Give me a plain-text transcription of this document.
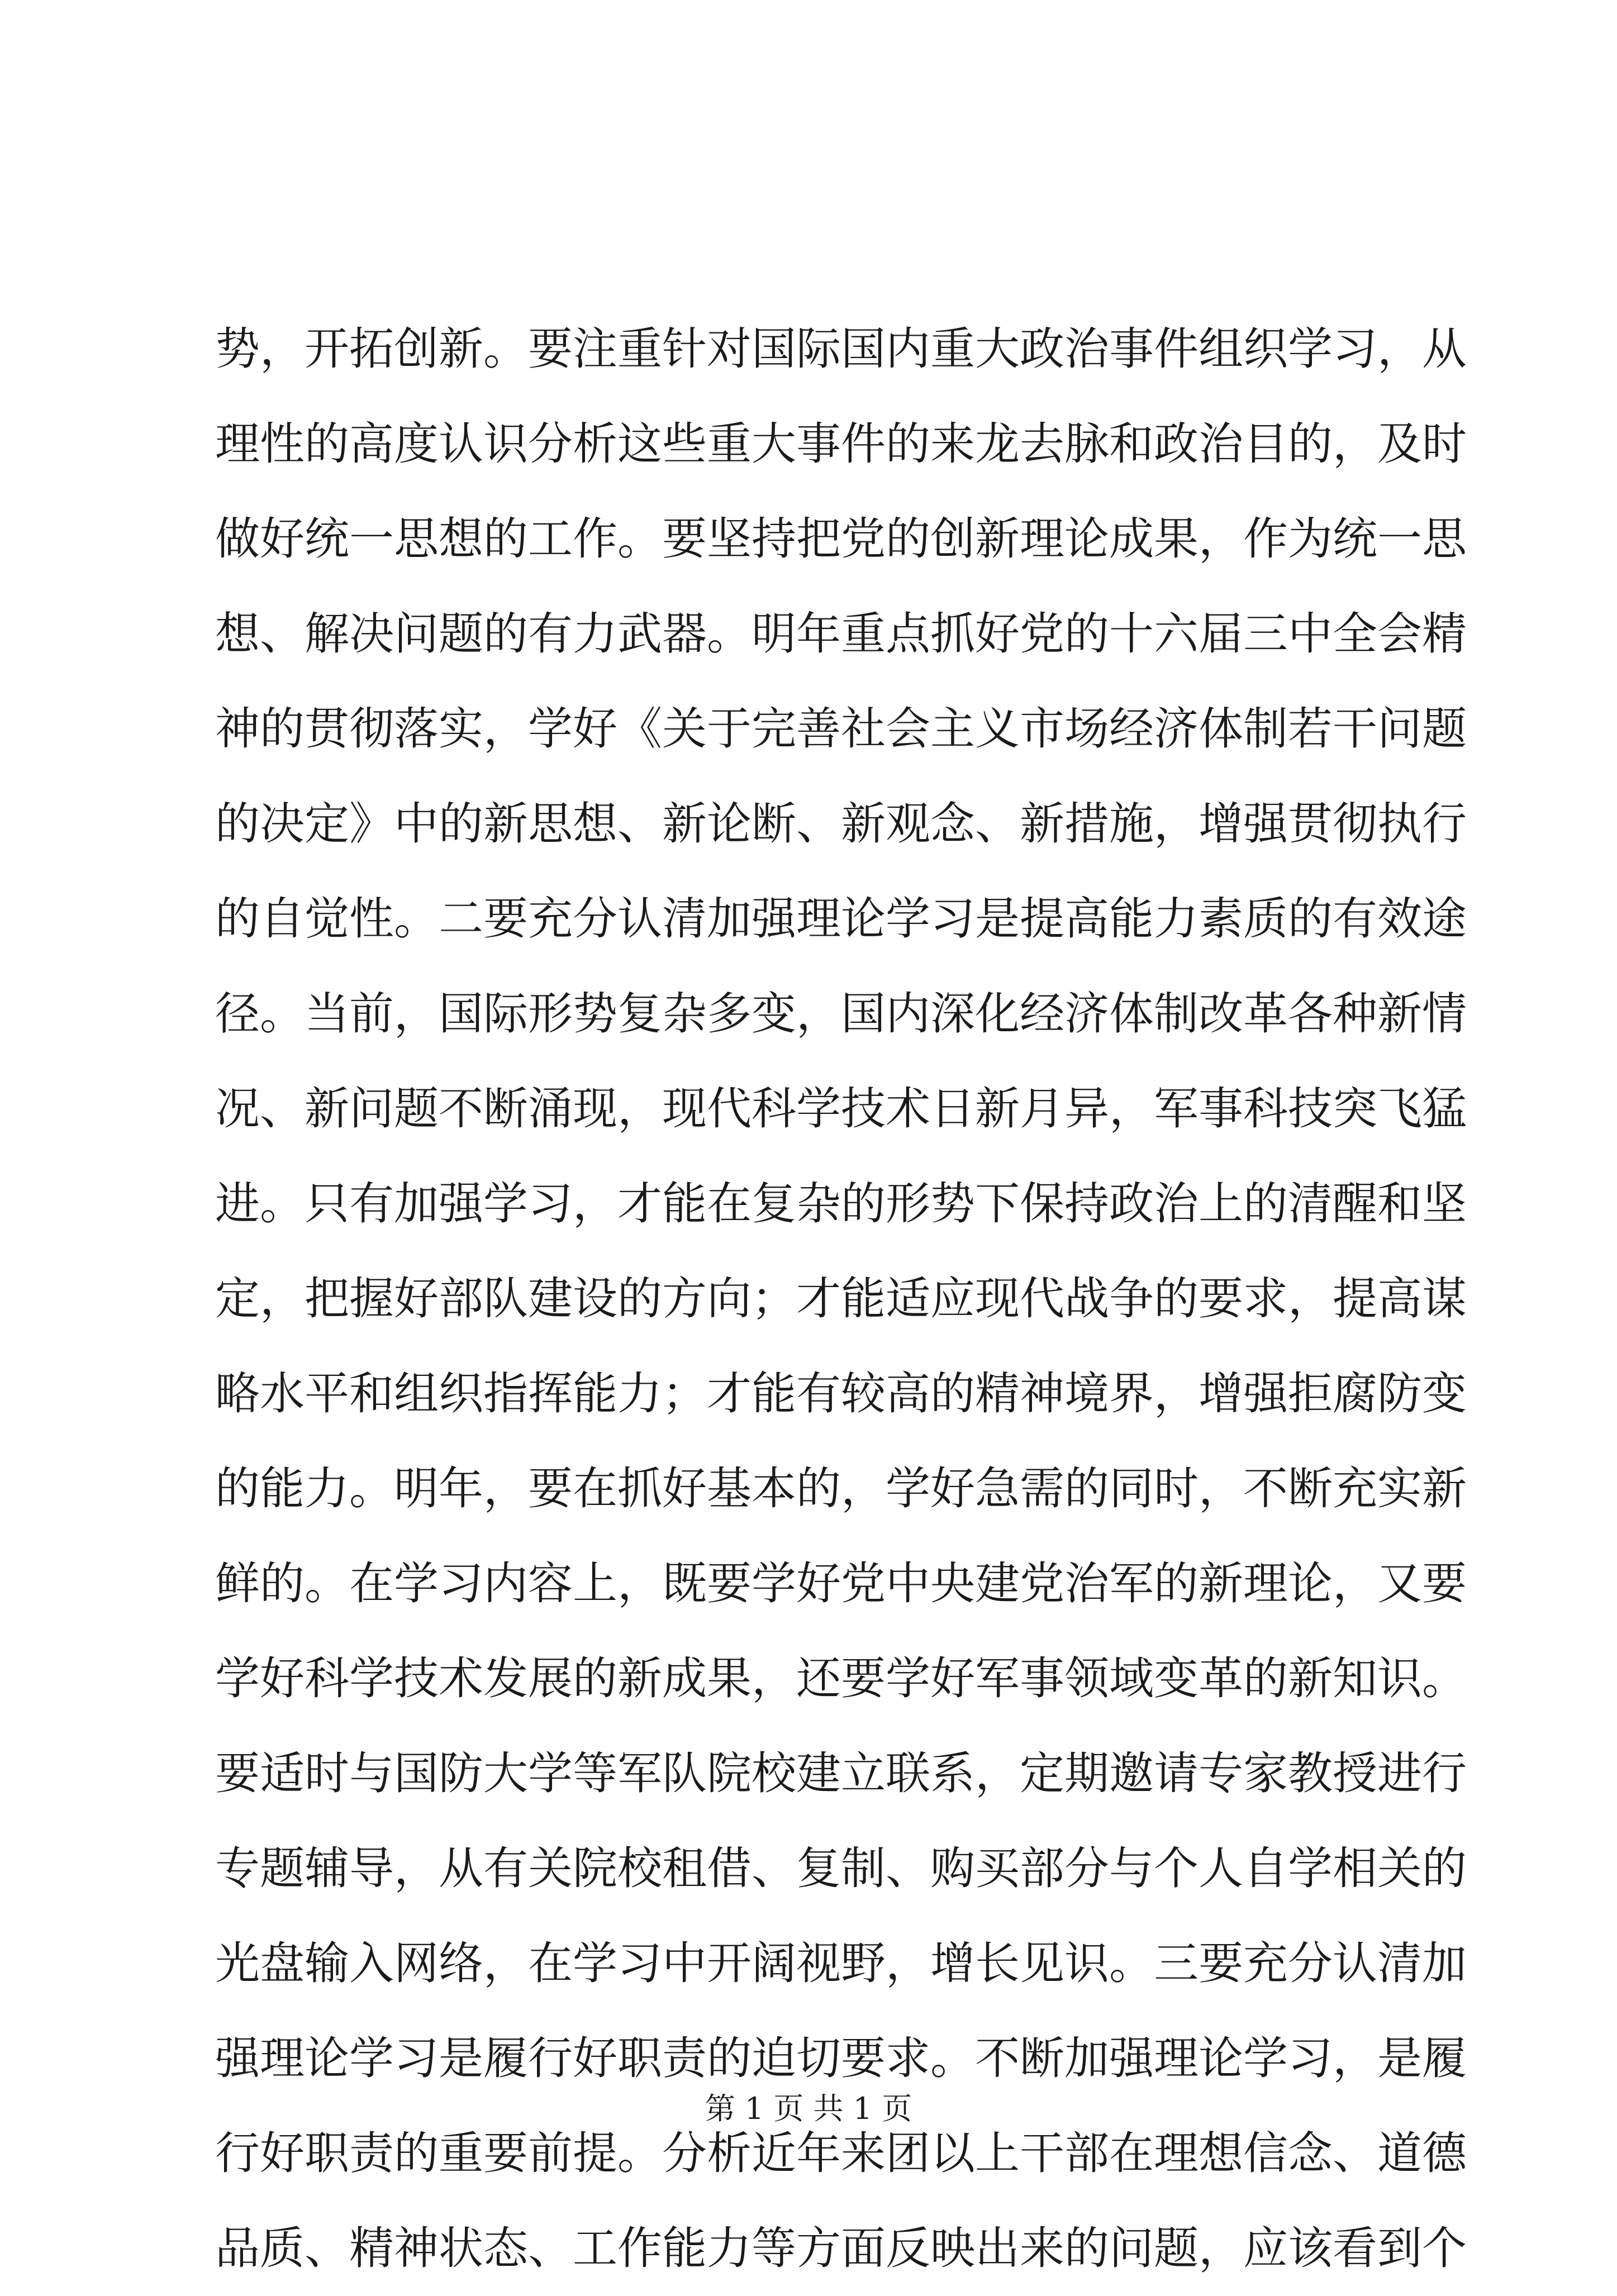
势，开拓创新。要注重针对国际国内重大政治事件组织学习，从
理性的高度认识分析这些重大事件的来龙去脉和政治目的，及时
做好统一思想的工作。要坚持把党的创新理论成果，作为统一思
想、解决问题的有力武器。明年重点抓好党的十六届三中全会精
神的贯彻落实，学好《关于完善社会主义市场经济体制若干问题
的决定》中的新思想、新论断、新观念、新措施，增强贯彻执行
的自觉性。二要充分认清加强理论学习是提高能力素质的有效途
径。当前，国际形势复杂多变，国内深化经济体制改革各种新情
况、新问题不断涌现，现代科学技术日新月异，军事科技突飞猛
进。只有加强学习，才能在复杂的形势下保持政治上的清醒和坚
定，把握好部队建设的方向；才能适应现代战争的要求，提高谋
略水平和组织指挥能力；才能有较高的精神境界，增强拒腐防变
的能力。明年，要在抓好基本的，学好急需的同时，不断充实新
鲜的。在学习内容上，既要学好党中央建党治军的新理论，又要
学好科学技术发展的新成果，还要学好军事领域变革的新知识。
要适时与国防大学等军队院校建立联系，定期邀请专家教授进行
专题辅导，从有关院校租借、复制、购买部分与个人自学相关的
光盘输入网络，在学习中开阔视野，增长见识。三要充分认清加
强理论学习是履行好职责的迫切要求。不断加强理论学习，是履
行好职责的重要前提。分析近年来团以上干部在理想信念、道德
品质、精神状态、工作能力等方面反映出来的问题，应该看到个
第 1 页 共 1 页
